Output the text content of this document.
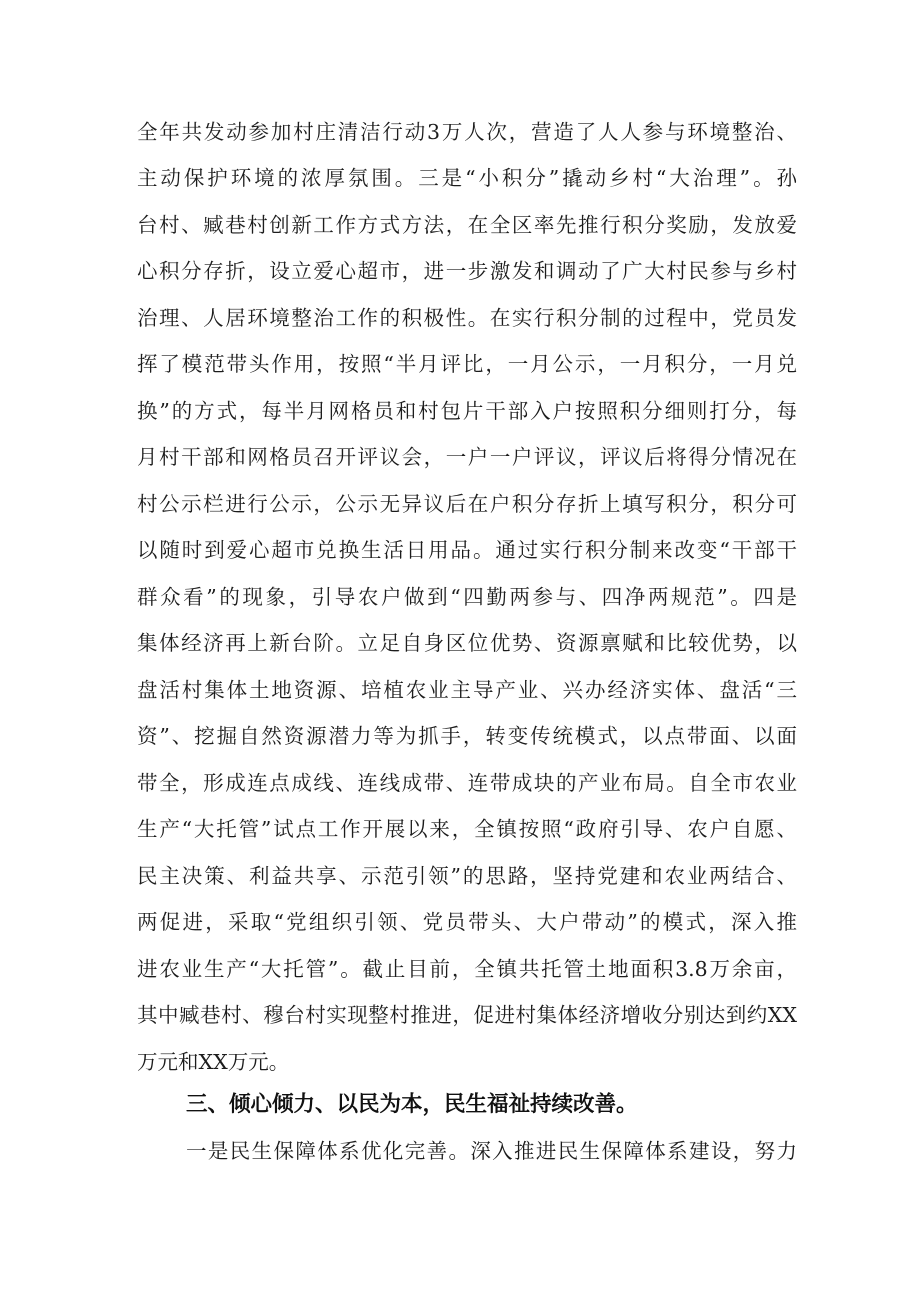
全年共发动参加村庄清洁行动3万人次，营造了人人参与环境整治、
主动保护环境的浓厚氛围。三是“小积分”撬动乡村“大治理”。孙
台村、臧巷村创新工作方式方法，在全区率先推行积分奖励，发放爱
心积分存折，设立爱心超市，进一步激发和调动了广大村民参与乡村
治理、人居环境整治工作的积极性。在实行积分制的过程中，党员发
挥了模范带头作用，按照“半月评比，一月公示，一月积分，一月兑
换”的方式，每半月网格员和村包片干部入户按照积分细则打分，每
月村干部和网格员召开评议会，一户一户评议，评议后将得分情况在
村公示栏进行公示，公示无异议后在户积分存折上填写积分，积分可
以随时到爱心超市兑换生活日用品。通过实行积分制来改变“干部干
群众看”的现象，引导农户做到“四勤两参与、四净两规范”。四是
集体经济再上新台阶。立足自身区位优势、资源禀赋和比较优势，以
盘活村集体土地资源、培植农业主导产业、兴办经济实体、盘活“三
资”、挖掘自然资源潜力等为抓手，转变传统模式，以点带面、以面
带全，形成连点成线、连线成带、连带成块的产业布局。自全市农业
生产“大托管”试点工作开展以来，全镇按照“政府引导、农户自愿、
民主决策、利益共享、示范引领”的思路，坚持党建和农业两结合、
两促进，采取“党组织引领、党员带头、大户带动”的模式，深入推
进农业生产“大托管”。截止目前，全镇共托管土地面积3.8万余亩，
其中臧巷村、穆台村实现整村推进，促进村集体经济增收分别达到约XX
万元和XX万元。
三、倾心倾力、以民为本，民生福祉持续改善。
一是民生保障体系优化完善。深入推进民生保障体系建设，努力
